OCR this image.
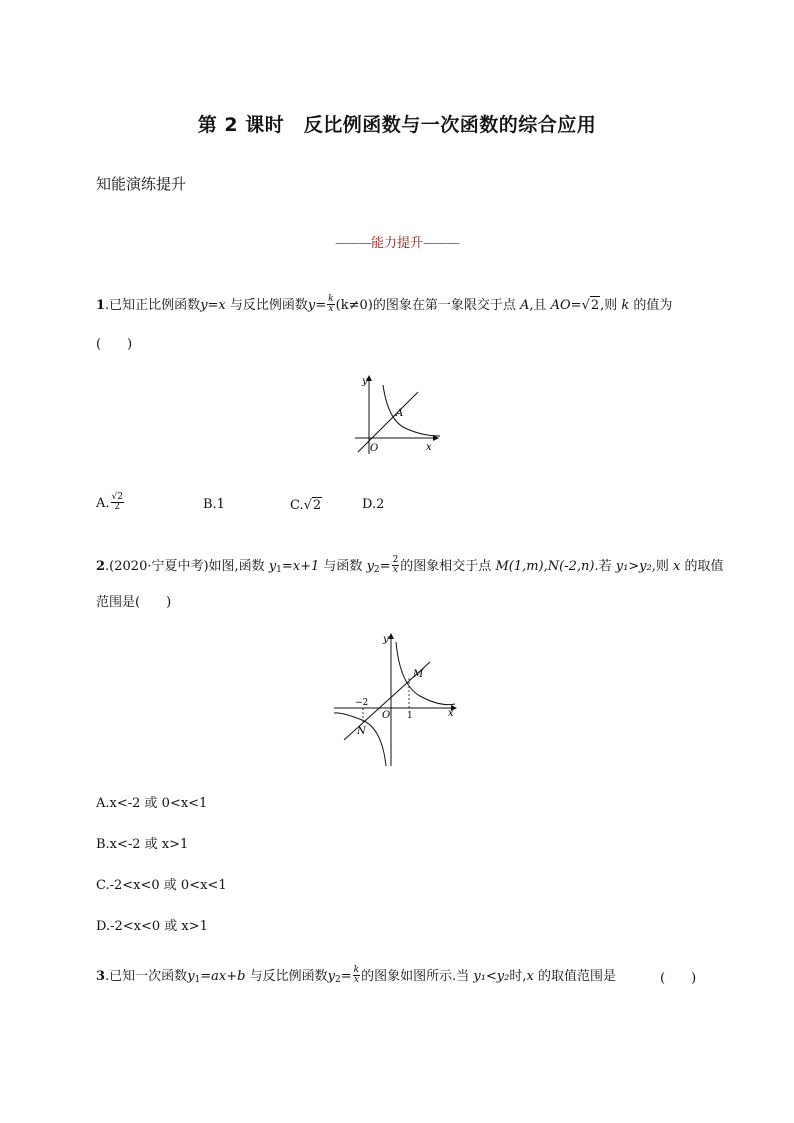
第 2 课时　反比例函数与一次函数的综合应用
知能演练提升
———能力提升———
1.已知正比例函数y=x 与反比例函数$y= \frac{k}{x} (k\ne 0)$的图象在第一象限交于点 A,且 AO=√2,则 k 的值为
(　　)
y
A
O	x
A. $\frac{√2}{2}$	B.1	C.√2	D.2
2.(2020·宁夏中考)如图,函数 $y_1=x+1$ 与函数 $y_2= \frac{2}{x}$ 的图象相交于点 M(1,m),N(-2,n).若 y₁>y₂,则 x 的取值
范围是(　　)
y
M
−2
O 1	x
N
A.x<-2 或 0<x<1
B.x<-2 或 x>1
C.-2<x<0 或 0<x<1
D.-2<x<0 或 x>1
3.已知一次函数$y_1=ax+b$ 与反比例函数$y_2= \frac{k}{x}$ 的图象如图所示.当 y₁<y₂时,x 的取值范围是	(　　)
